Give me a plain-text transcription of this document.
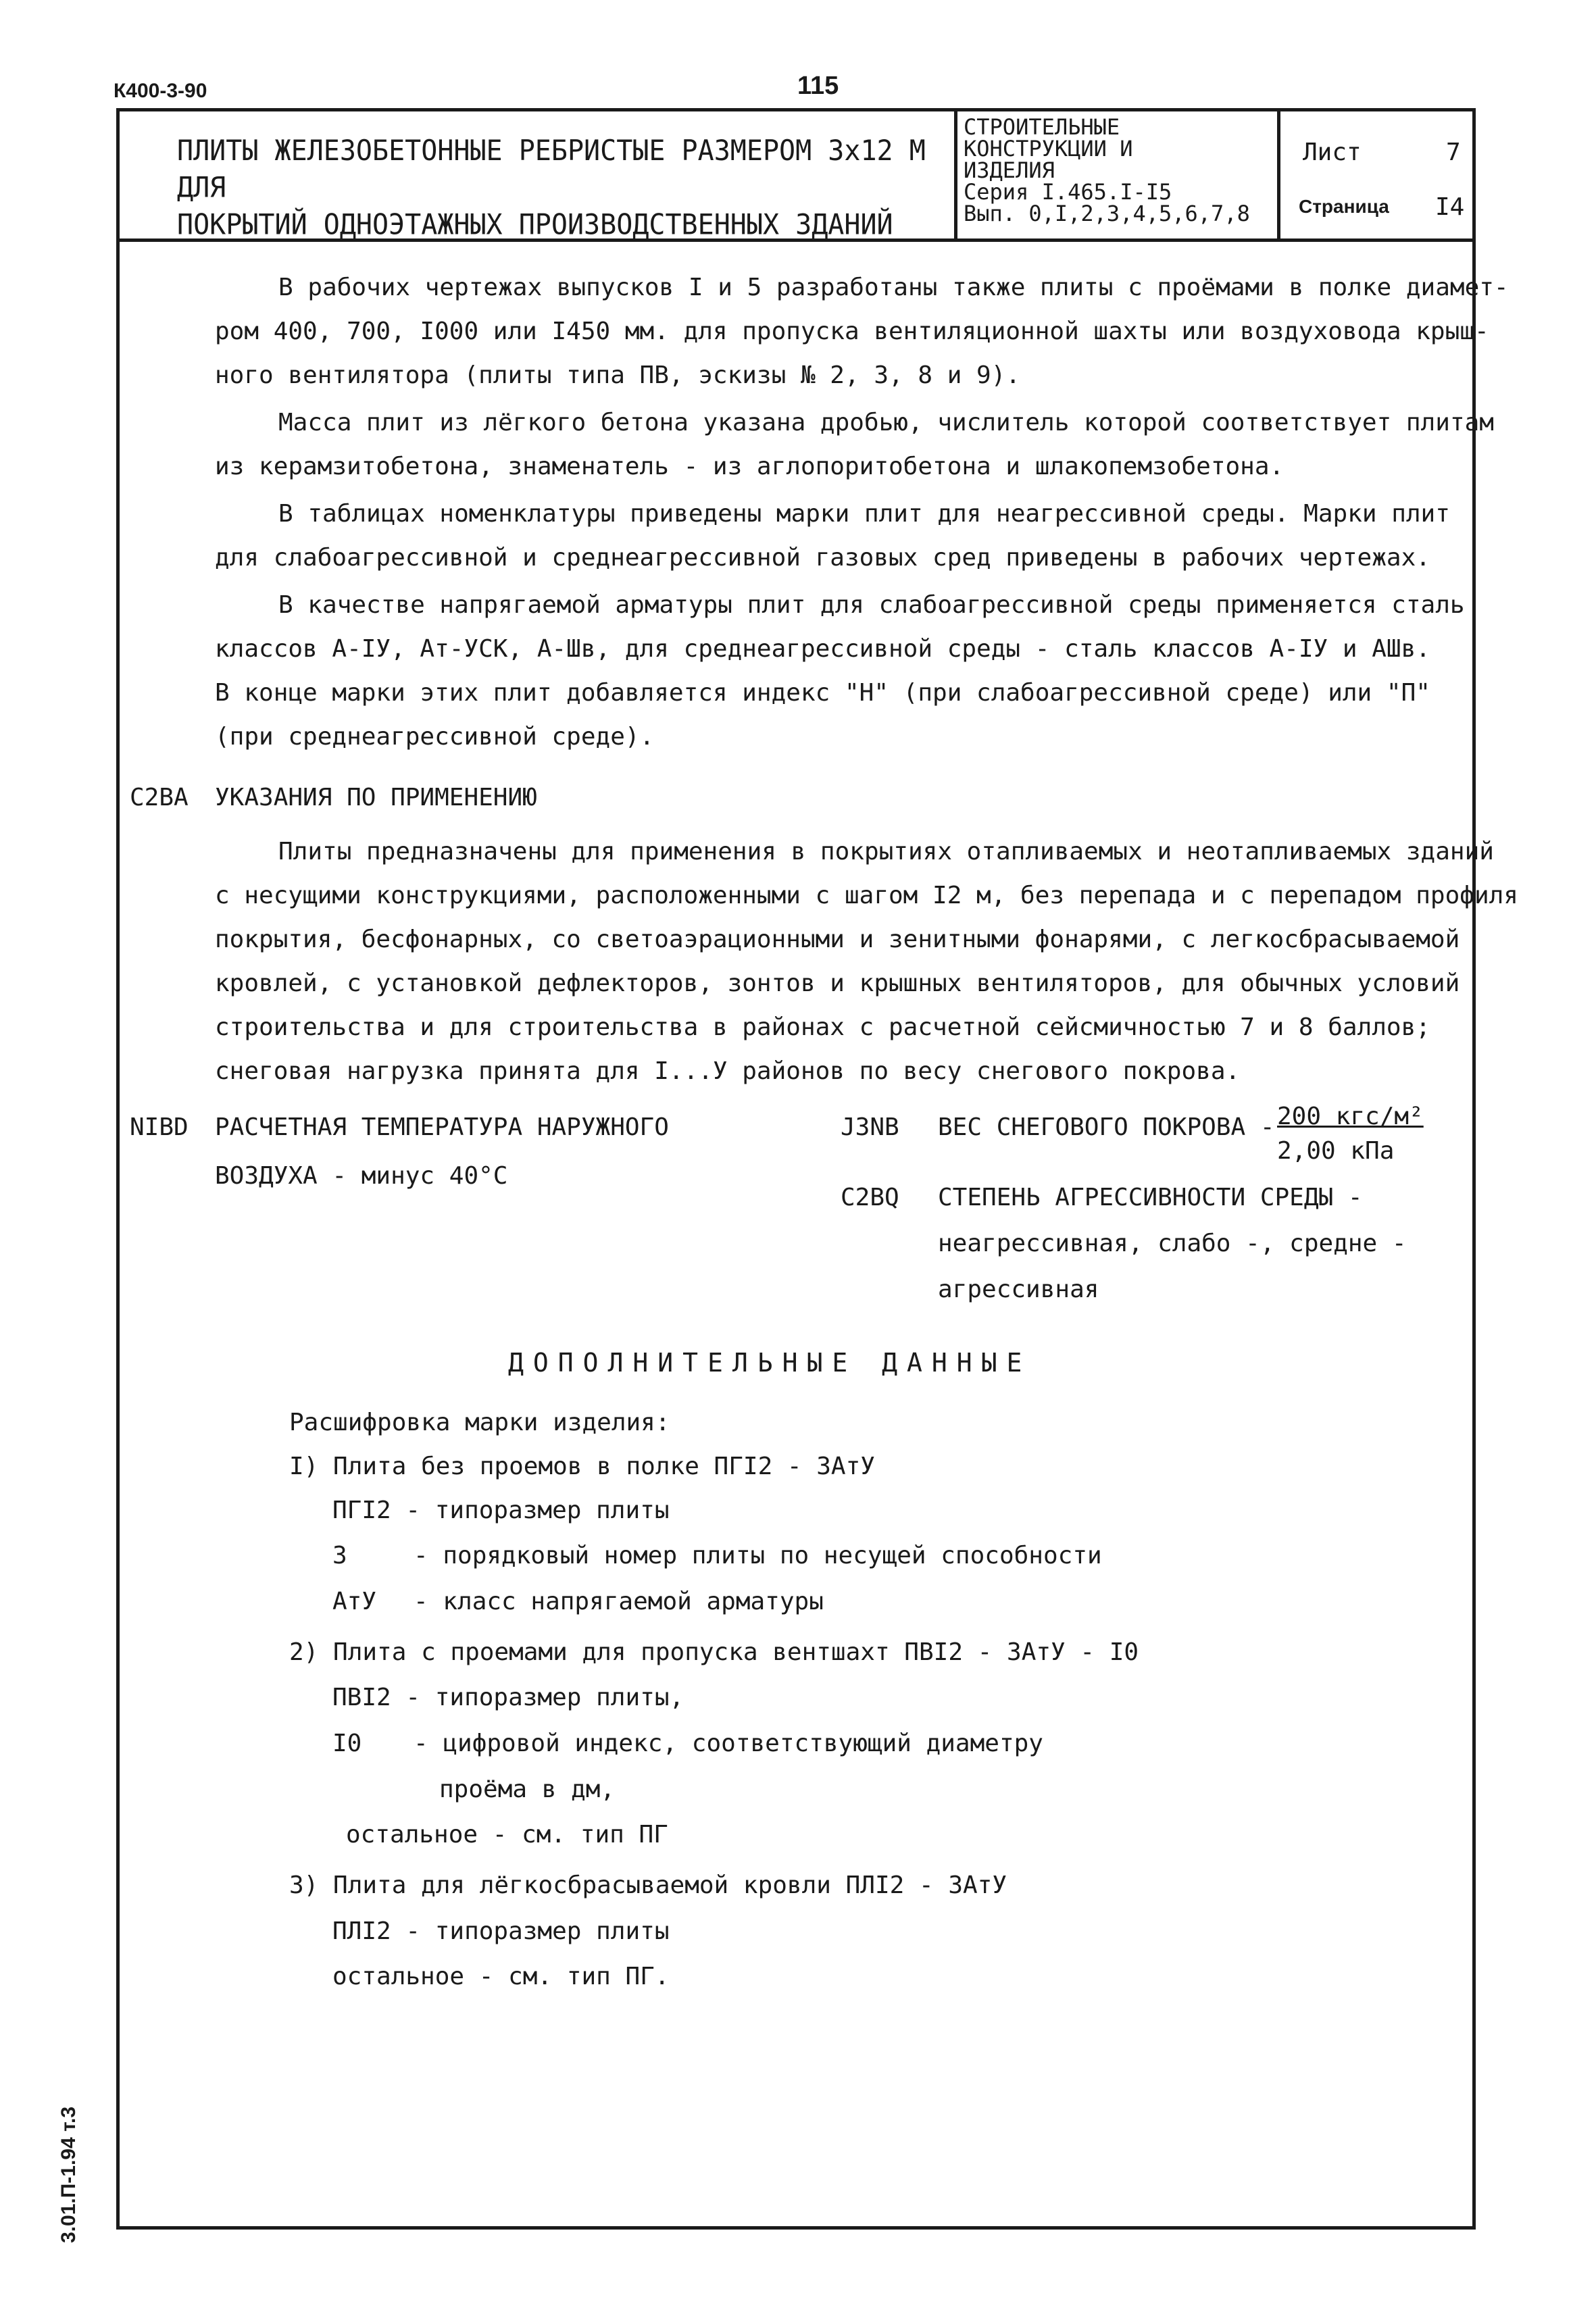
К400-3-90	115
ПЛИТЫ ЖЕЛЕЗОБЕТОННЫЕ РЕБРИСТЫЕ РАЗМЕРОМ 3х12 М ДЛЯ
ПОКРЫТИЙ ОДНОЭТАЖНЫХ ПРОИЗВОДСТВЕННЫХ ЗДАНИЙ
СТРОИТЕЛЬНЫЕ
КОНСТРУКЦИИ И
ИЗДЕЛИЯ
Серия I.465.I-I5
Вып. 0,I,2,3,4,5,6,7,8
Лист	7
Страница I4
3.01.П-1.94 т.3
В рабочих чертежах выпусков I и 5 разработаны также плиты с проёмами в полке диамет-
ром 400, 700, I000 или I450 мм. для пропуска вентиляционной шахты или воздуховода крыш-
ного вентилятора (плиты типа ПВ, эскизы № 2, 3, 8 и 9).
Масса плит из лёгкого бетона указана дробью, числитель которой соответствует плитам
из керамзитобетона, знаменатель - из аглопоритобетона и шлакопемзобетона.
В таблицах номенклатуры приведены марки плит для неагрессивной среды. Марки плит
для слабоагрессивной и среднеагрессивной газовых сред приведены в рабочих чертежах.
В качестве напрягаемой арматуры плит для слабоагрессивной среды применяется сталь
классов А-IУ, Ат-УСК, А-Шв, для среднеагрессивной среды - сталь классов А-IУ и АШв.
В конце марки этих плит добавляется индекс "Н" (при слабоагрессивной среде) или "П"
(при среднеагрессивной среде).
С2ВА УКАЗАНИЯ ПО ПРИМЕНЕНИЮ
Плиты предназначены для применения в покрытиях отапливаемых и неотапливаемых зданий
с несущими конструкциями, расположенными с шагом I2 м, без перепада и с перепадом профиля
покрытия, бесфонарных, со светоаэрационными и зенитными фонарями, с легкосбрасываемой
кровлей, с установкой дефлекторов, зонтов и крышных вентиляторов, для обычных условий
строительства и для строительства в районах с расчетной сейсмичностью 7 и 8 баллов;
снеговая нагрузка принята для I...У районов по весу снегового покрова.
NIBD РАСЧЕТНАЯ ТЕМПЕРАТУРА НАРУЖНОГО
ВОЗДУХА - минус 40°С
J3NB ВЕС СНЕГОВОГО ПОКРОВА - 200 кгс/м²
2,00 кПа
С2ВQ СТЕПЕНЬ АГРЕССИВНОСТИ СРЕДЫ -
неагрессивная, слабо -, средне -
агрессивная
ДОПОЛНИТЕЛЬНЫЕ ДАННЫЕ
Расшифровка марки изделия:
I) Плита без проемов в полке ПГI2 - 3АтУ
ПГI2 - типоразмер плиты
3	- порядковый номер плиты по несущей способности
АтУ - класс напрягаемой арматуры
2) Плита с проемами для пропуска вентшахт ПВI2 - 3АтУ - I0
ПВI2 - типоразмер плиты,
I0 - цифровой индекс, соответствующий диаметру
проёма в дм,
остальное - см. тип ПГ
3) Плита для лёгкосбрасываемой кровли ПЛI2 - 3АтУ
ПЛI2 - типоразмер плиты
остальное - см. тип ПГ.
